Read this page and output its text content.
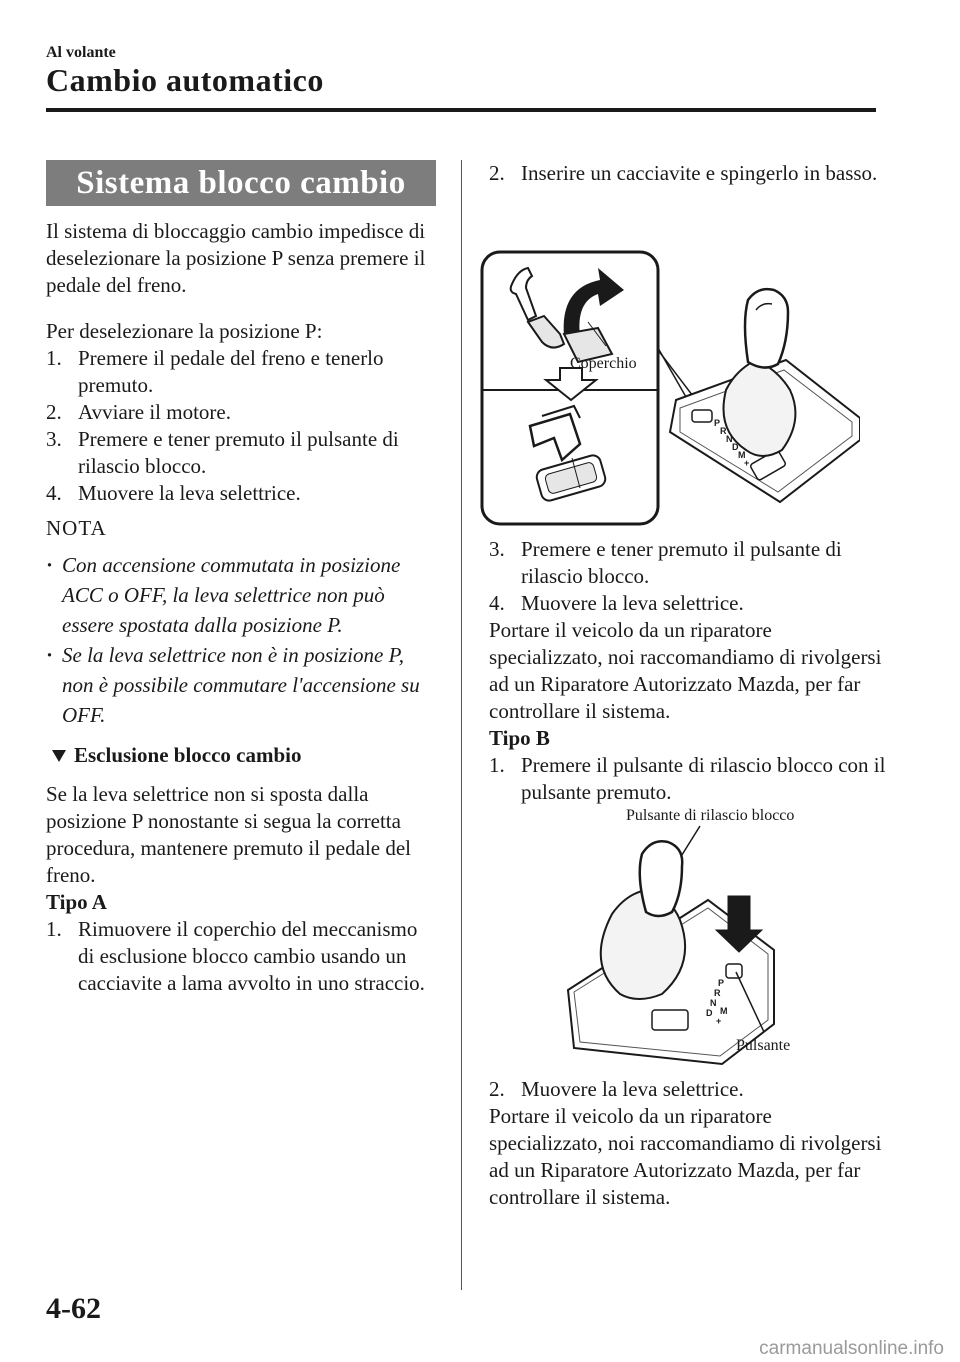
Al volante
Cambio automatico
Sistema blocco cambio

Il sistema di bloccaggio cambio impedisce di deselezionare la posizione P senza premere il pedale del freno.

Per deselezionare la posizione P:

1. Premere il pedale del freno e tenerlo premuto.
2. Avviare il motore.
3. Premere e tener premuto il pulsante di rilascio blocco.
4. Muovere la leva selettrice.
NOTA
· Con accensione commutata in posizione ACC o OFF, la leva selettrice non può essere spostata dalla posizione P.
· Se la leva selettrice non è in posizione P, non è possibile commutare l'accensione su OFF.
Esclusione blocco cambio

Se la leva selettrice non si sposta dalla posizione P nonostante si segua la corretta procedura, mantenere premuto il pedale del freno.

Tipo A
1. Rimuovere il coperchio del meccanismo di esclusione blocco cambio usando un cacciavite a lama avvolto in uno straccio.
2. Inserire un cacciavite e spingerlo in basso.
Coperchio
P
R
N
D
M
+
3. Premere e tener premuto il pulsante di rilascio blocco.
4. Muovere la leva selettrice.

Portare il veicolo da un riparatore specializzato, noi raccomandiamo di rivolgersi ad un Riparatore Autorizzato Mazda, per far controllare il sistema.

Tipo B
1. Premere il pulsante di rilascio blocco con il pulsante premuto.
Pulsante di rilascio blocco
P
R
N
D M
+
Pulsante
2. Muovere la leva selettrice.

Portare il veicolo da un riparatore specializzato, noi raccomandiamo di rivolgersi ad un Riparatore Autorizzato Mazda, per far controllare il sistema.

4-62
carmanualsonline.info
